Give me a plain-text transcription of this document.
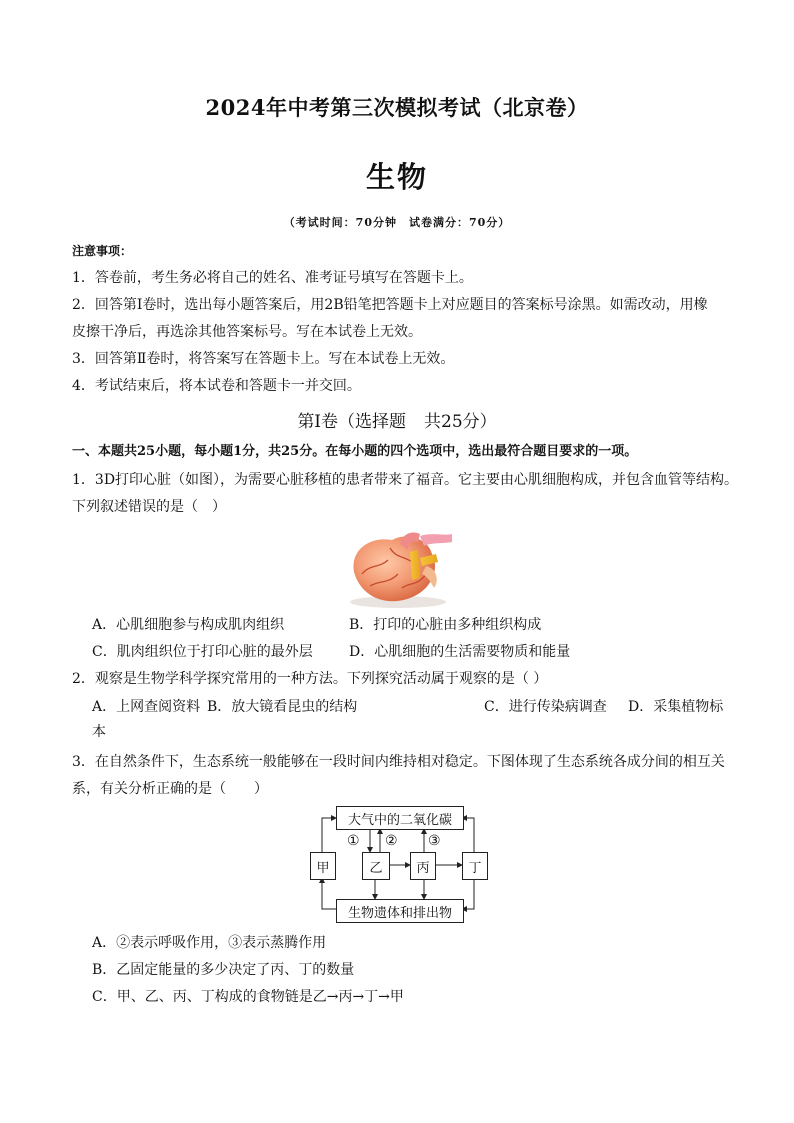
2024年中考第三次模拟考试（北京卷）
生物
（考试时间：70分钟　试卷满分：70分）
注意事项：
1．答卷前，考生务必将自己的姓名、准考证号填写在答题卡上。
2．回答第Ⅰ卷时，选出每小题答案后，用2B铅笔把答题卡上对应题目的答案标号涂黑。如需改动，用橡
皮擦干净后，再选涂其他答案标号。写在本试卷上无效。
3．回答第Ⅱ卷时，将答案写在答题卡上。写在本试卷上无效。
4．考试结束后，将本试卷和答题卡一并交回。
第Ⅰ卷（选择题 共25分）
一、本题共25小题，每小题1分，共25分。在每小题的四个选项中，选出最符合题目要求的一项。
1．3D打印心脏（如图），为需要心脏移植的患者带来了福音。它主要由心肌细胞构成，并包含血管等结构。
下列叙述错误的是（　）
A．心肌细胞参与构成肌肉组织	B．打印的心脏由多种组织构成
C．肌肉组织位于打印心脏的最外层	D．心肌细胞的生活需要物质和能量
2．观察是生物学科学探究常用的一种方法。下列探究活动属于观察的是（ ）
A．上网查阅资料 B．放大镜看昆虫的结构	C．进行传染病调查 D．采集植物标
本
3．在自然条件下，生态系统一般能够在一段时间内维持相对稳定。下图体现了生态系统各成分间的相互关
系，有关分析正确的是（　　）
大气中的二氧化碳
生物遗体和排出物
甲	乙	丙	丁
① ② ③
A．②表示呼吸作用，③表示蒸腾作用
B．乙固定能量的多少决定了丙、丁的数量
C．甲、乙、丙、丁构成的食物链是乙→丙→丁→甲
